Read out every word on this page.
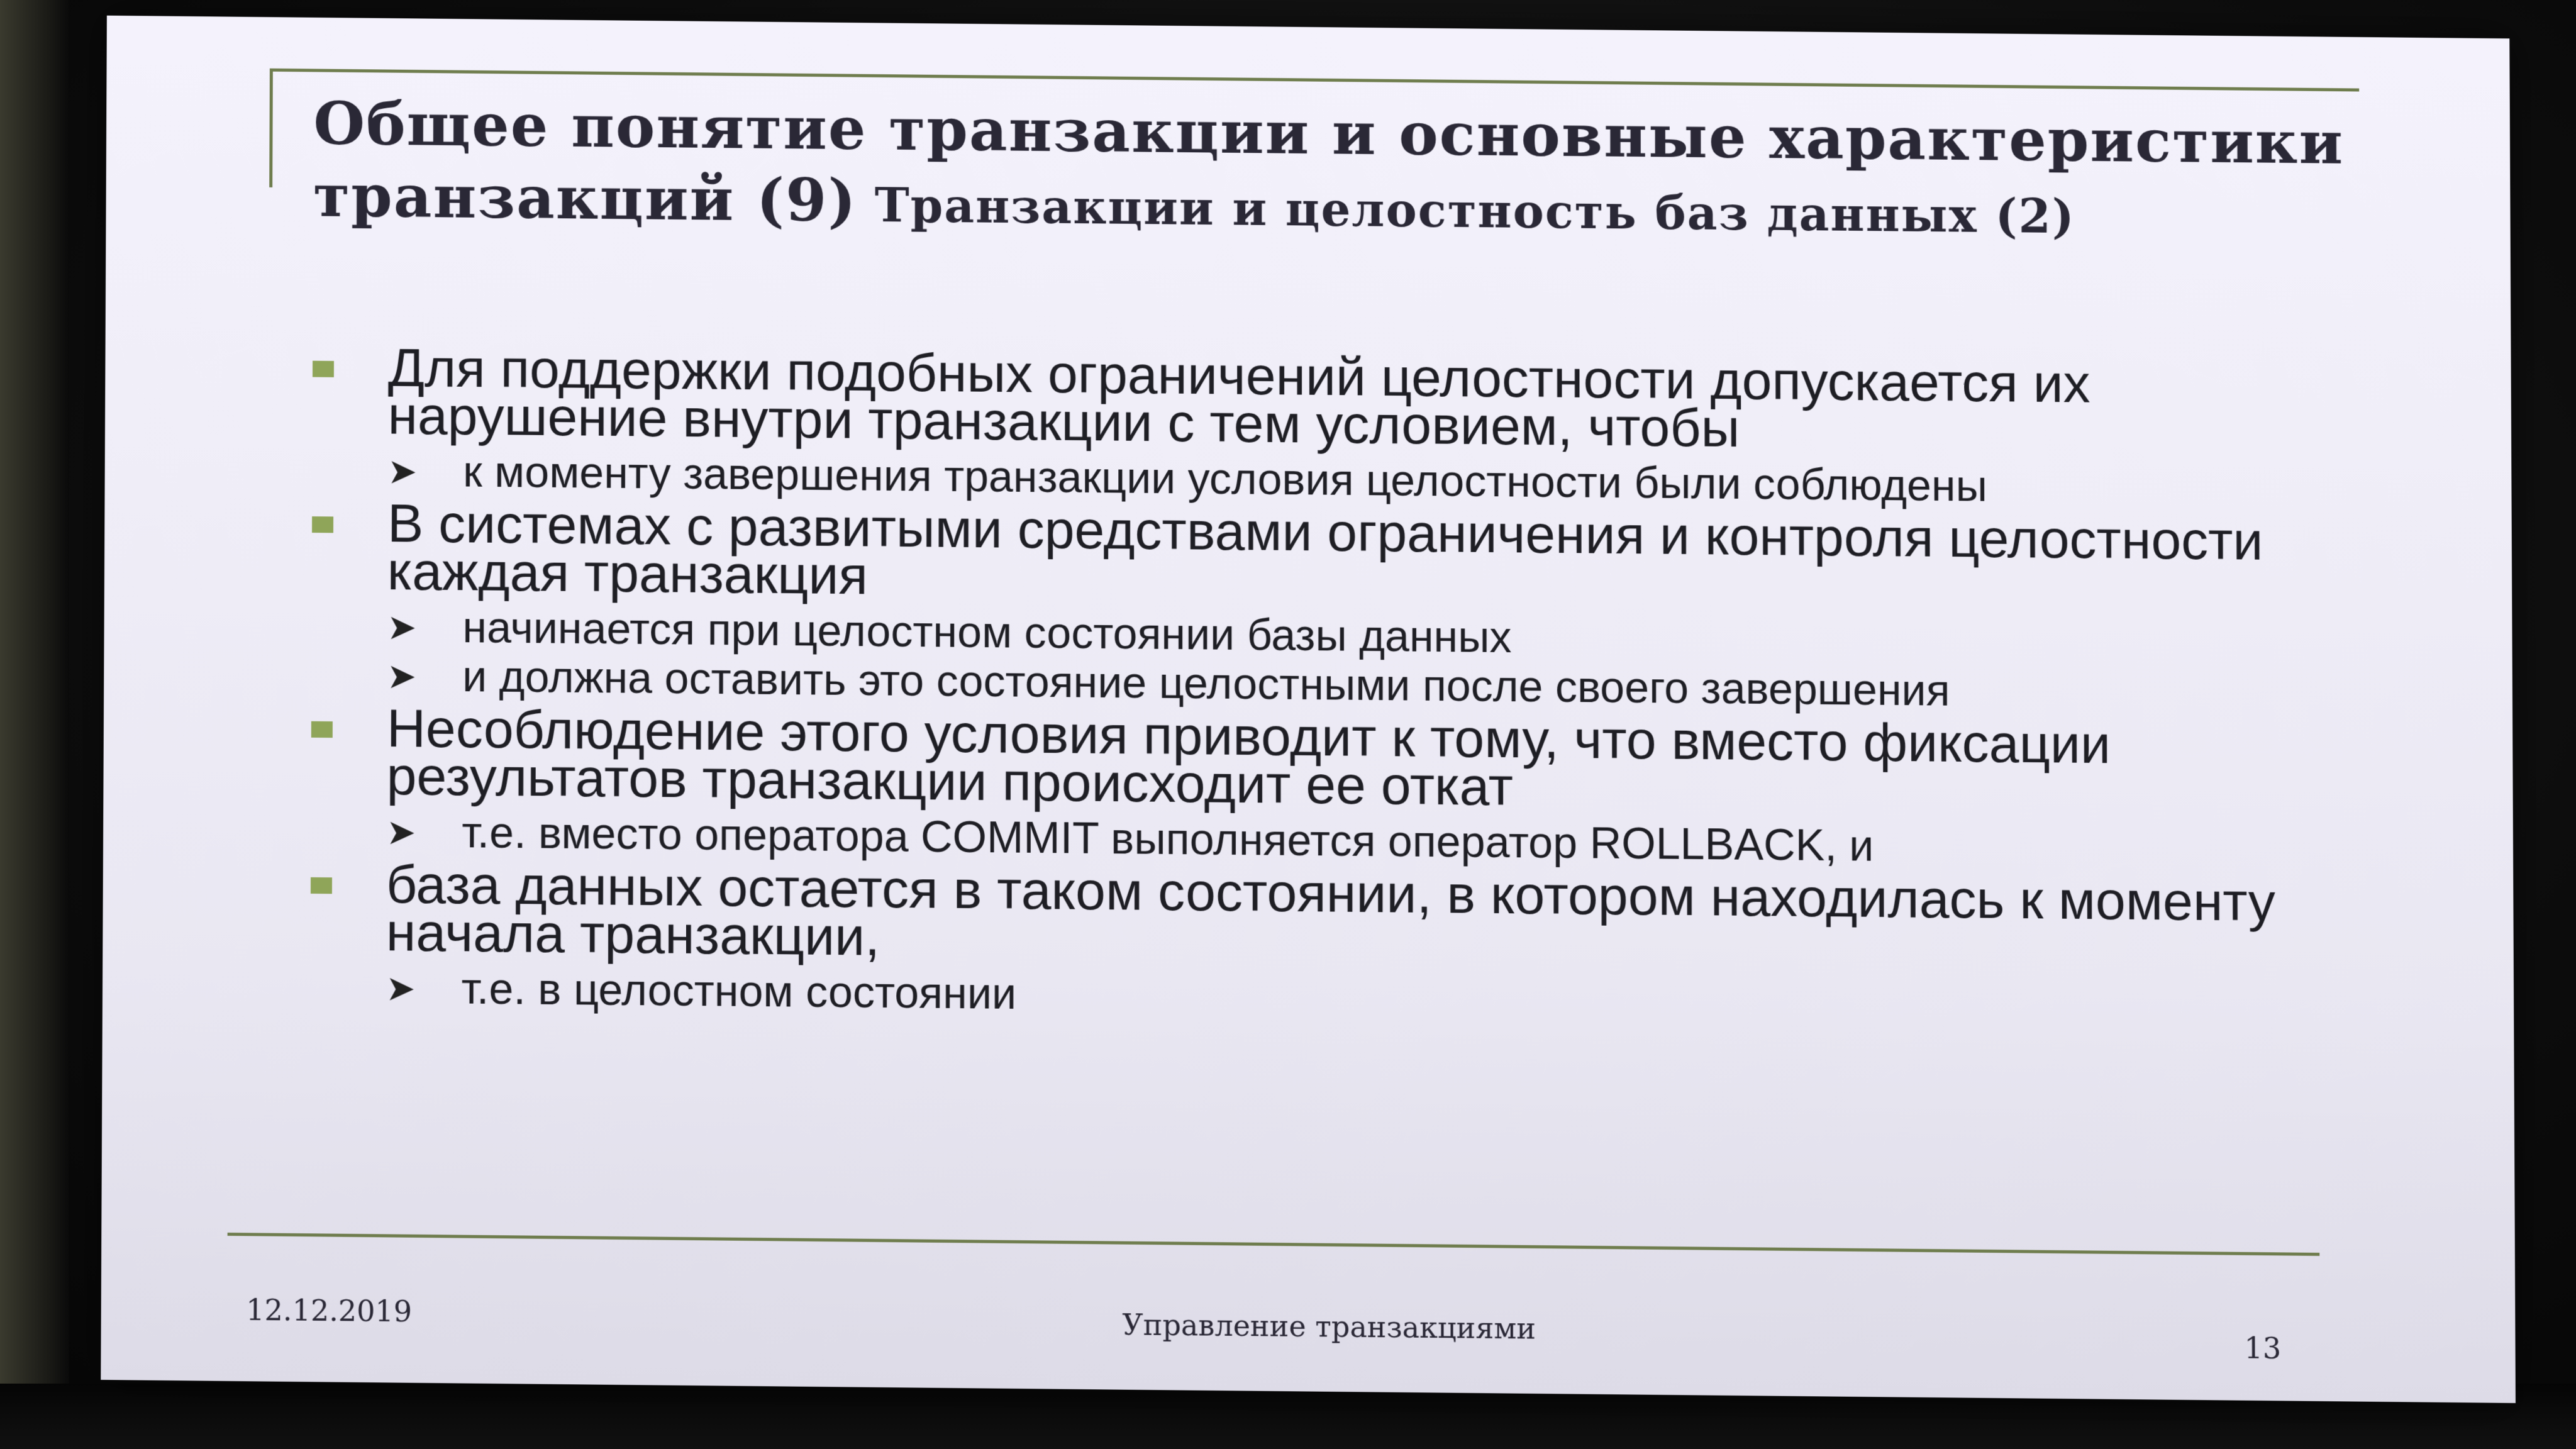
Общее понятие транзакции и основные характеристики
транзакций (9) Транзакции и целостность баз данных (2)
Для поддержки подобных ограничений целостности допускается их нарушение внутри транзакции с тем условием, чтобы
➤ к моменту завершения транзакции условия целостности были соблюдены
В системах с развитыми средствами ограничения и контроля целостности каждая транзакция
➤ начинается при целостном состоянии базы данных
➤ и должна оставить это состояние целостными после своего завершения
Несоблюдение этого условия приводит к тому, что вместо фиксации результатов транзакции происходит ее откат
➤ т.е. вместо оператора COMMIT выполняется оператор ROLLBACK, и
база данных остается в таком состоянии, в котором находилась к моменту начала транзакции,
➤ т.е. в целостном состоянии
12.12.2019	Управление транзакциями
13
